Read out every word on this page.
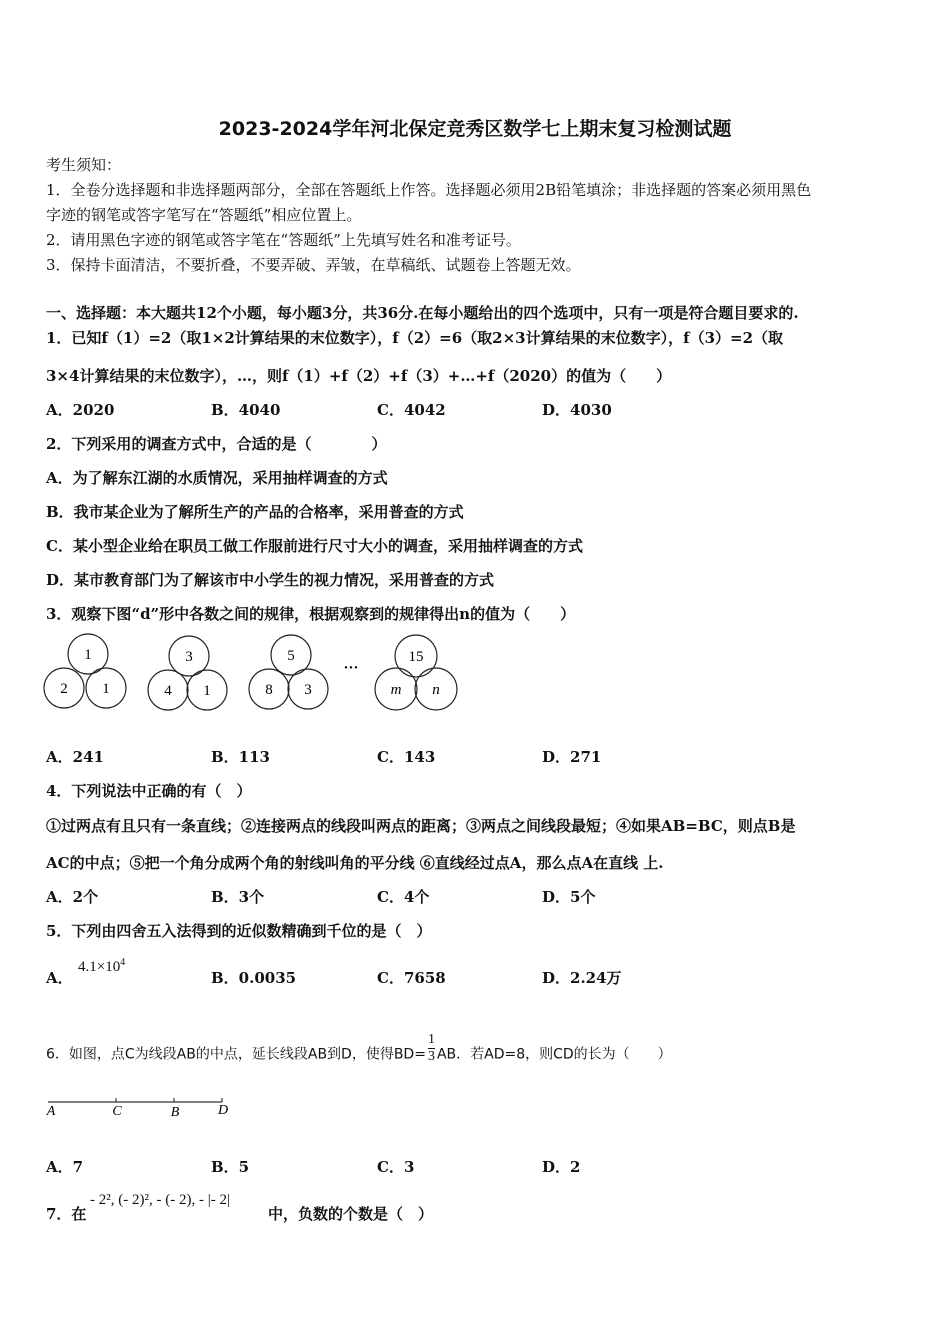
2023-2024学年河北保定竞秀区数学七上期末复习检测试题
考生须知：
1．全卷分选择题和非选择题两部分，全部在答题纸上作答。选择题必须用2B铅笔填涂；非选择题的答案必须用黑色
字迹的钢笔或答字笔写在“答题纸”相应位置上。
2．请用黑色字迹的钢笔或答字笔在“答题纸”上先填写姓名和准考证号。
3．保持卡面清洁，不要折叠，不要弄破、弄皱，在草稿纸、试题卷上答题无效。
一、选择题：本大题共12个小题，每小题3分，共36分.在每小题给出的四个选项中，只有一项是符合题目要求的.
1．已知f（1）=2（取1×2计算结果的末位数字），f（2）=6（取2×3计算结果的末位数字），f（3）=2（取
3×4计算结果的末位数字），…，则f（1）+f（2）+f（3）+…+f（2020）的值为（　　）
A．2020	B．4040	C．4042	D．4030
2．下列采用的调查方式中，合适的是（　　　　）
A．为了解东江湖的水质情况，采用抽样调查的方式
B．我市某企业为了解所生产的产品的合格率，采用普查的方式
C．某小型企业给在职员工做工作服前进行尺寸大小的调查，采用抽样调查的方式
D．某市教育部门为了解该市中小学生的视力情况，采用普查的方式
3．观察下图“d”形中各数之间的规律，根据观察到的规律得出n的值为（　　）
1
2 1
3
4 1
5
8 3
···
15
m n
A．241	B．113	C．143	D．271
4．下列说法中正确的有（　）
①过两点有且只有一条直线；②连接两点的线段叫两点的距离；③两点之间线段最短；④如果AB=BC，则点B是
AC的中点；⑤把一个角分成两个角的射线叫角的平分线 ⑥直线经过点A，那么点A在直线 上.
A．2个	B．3个	C．4个	D．5个
5．下列由四舍五入法得到的近似数精确到千位的是（　）
A．
$4.1\times 10^4$
B．0.0035	C．7658	D．2.24万
6．如图，点C为线段AB的中点，延长线段AB到D，使得$BD= \frac{1}{3}$ AB．若AD=8，则CD的长为（　　）
A	C	B	D
A．7	B．5	C．3	D．2
7．在
- 2², (- 2)², - (- 2), - |- 2|
中，负数的个数是（　）
